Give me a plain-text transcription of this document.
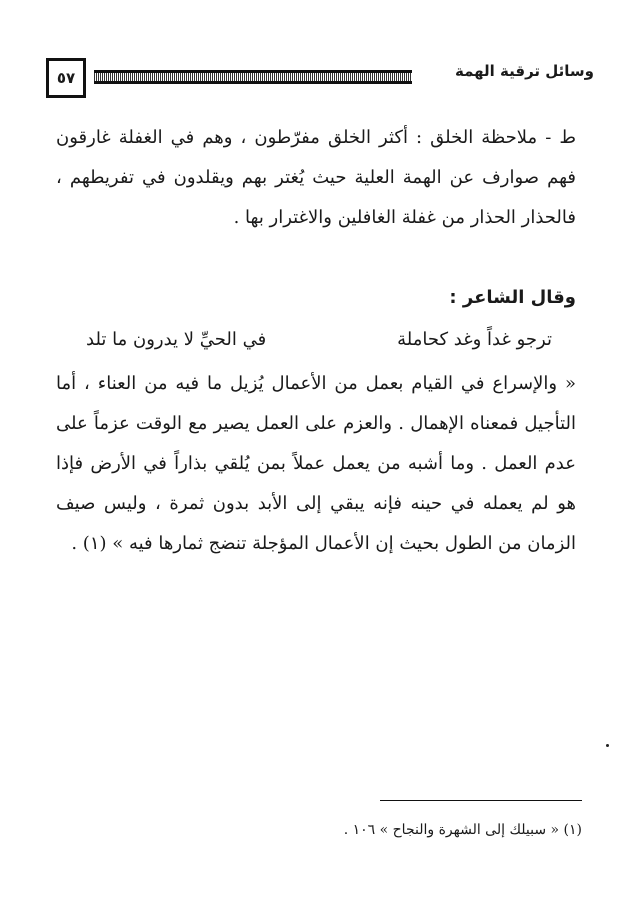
٥٧	وسائل ترقية الهمة

ط - ملاحظة الخلق : أكثر الخلق مفرّطون ، وهم في الغفلة غارقون فهم صوارف عن الهمة العلية حيث يُغتر بهم ويقلدون في تفريطهم ، فالحذار الحذار من غفلة الغافلين والاغترار بها .

وقال الشاعر :

ترجو غداً وغد كحاملة
في الحيِّ لا يدرون ما تلد

« والإسراع في القيام بعمل من الأعمال يُزيل ما فيه من العناء ، أما التأجيل فمعناه الإهمال . والعزم على العمل يصير مع الوقت عزماً على عدم العمل . وما أشبه من يعمل عملاً بمن يُلقي بذاراً في الأرض فإذا هو لم يعمله في حينه فإنه يبقي إلى الأبد بدون ثمرة ، وليس صيف الزمان من الطول بحيث إن الأعمال المؤجلة تنضج ثمارها فيه » (١) .

(١) « سبيلك إلى الشهرة والنجاح » ١٠٦ .
